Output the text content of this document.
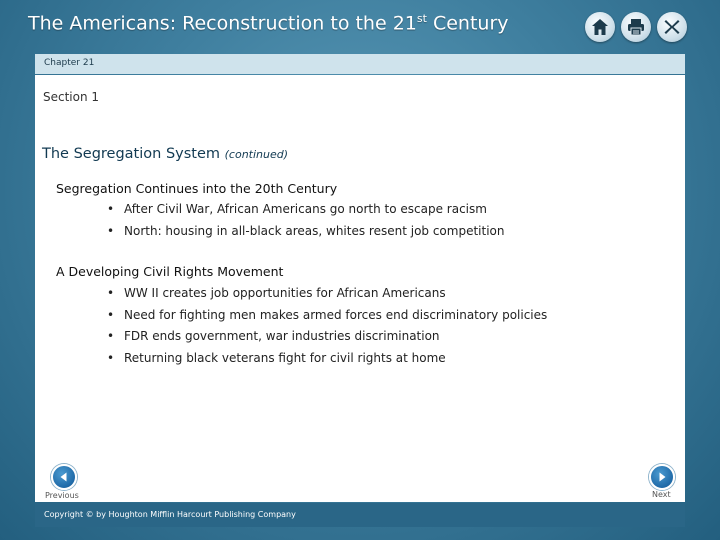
The Americans: Reconstruction to the 21st Century
Chapter 21
Section 1
The Segregation System (continued)
Segregation Continues into the 20th Century
• After Civil War, African Americans go north to escape racism
• North: housing in all-black areas, whites resent job competition
A Developing Civil Rights Movement
• WW II creates job opportunities for African Americans
• Need for fighting men makes armed forces end discriminatory policies
• FDR ends government, war industries discrimination
• Returning black veterans fight for civil rights at home
Previous	Next
Copyright © by Houghton Mifflin Harcourt Publishing Company
